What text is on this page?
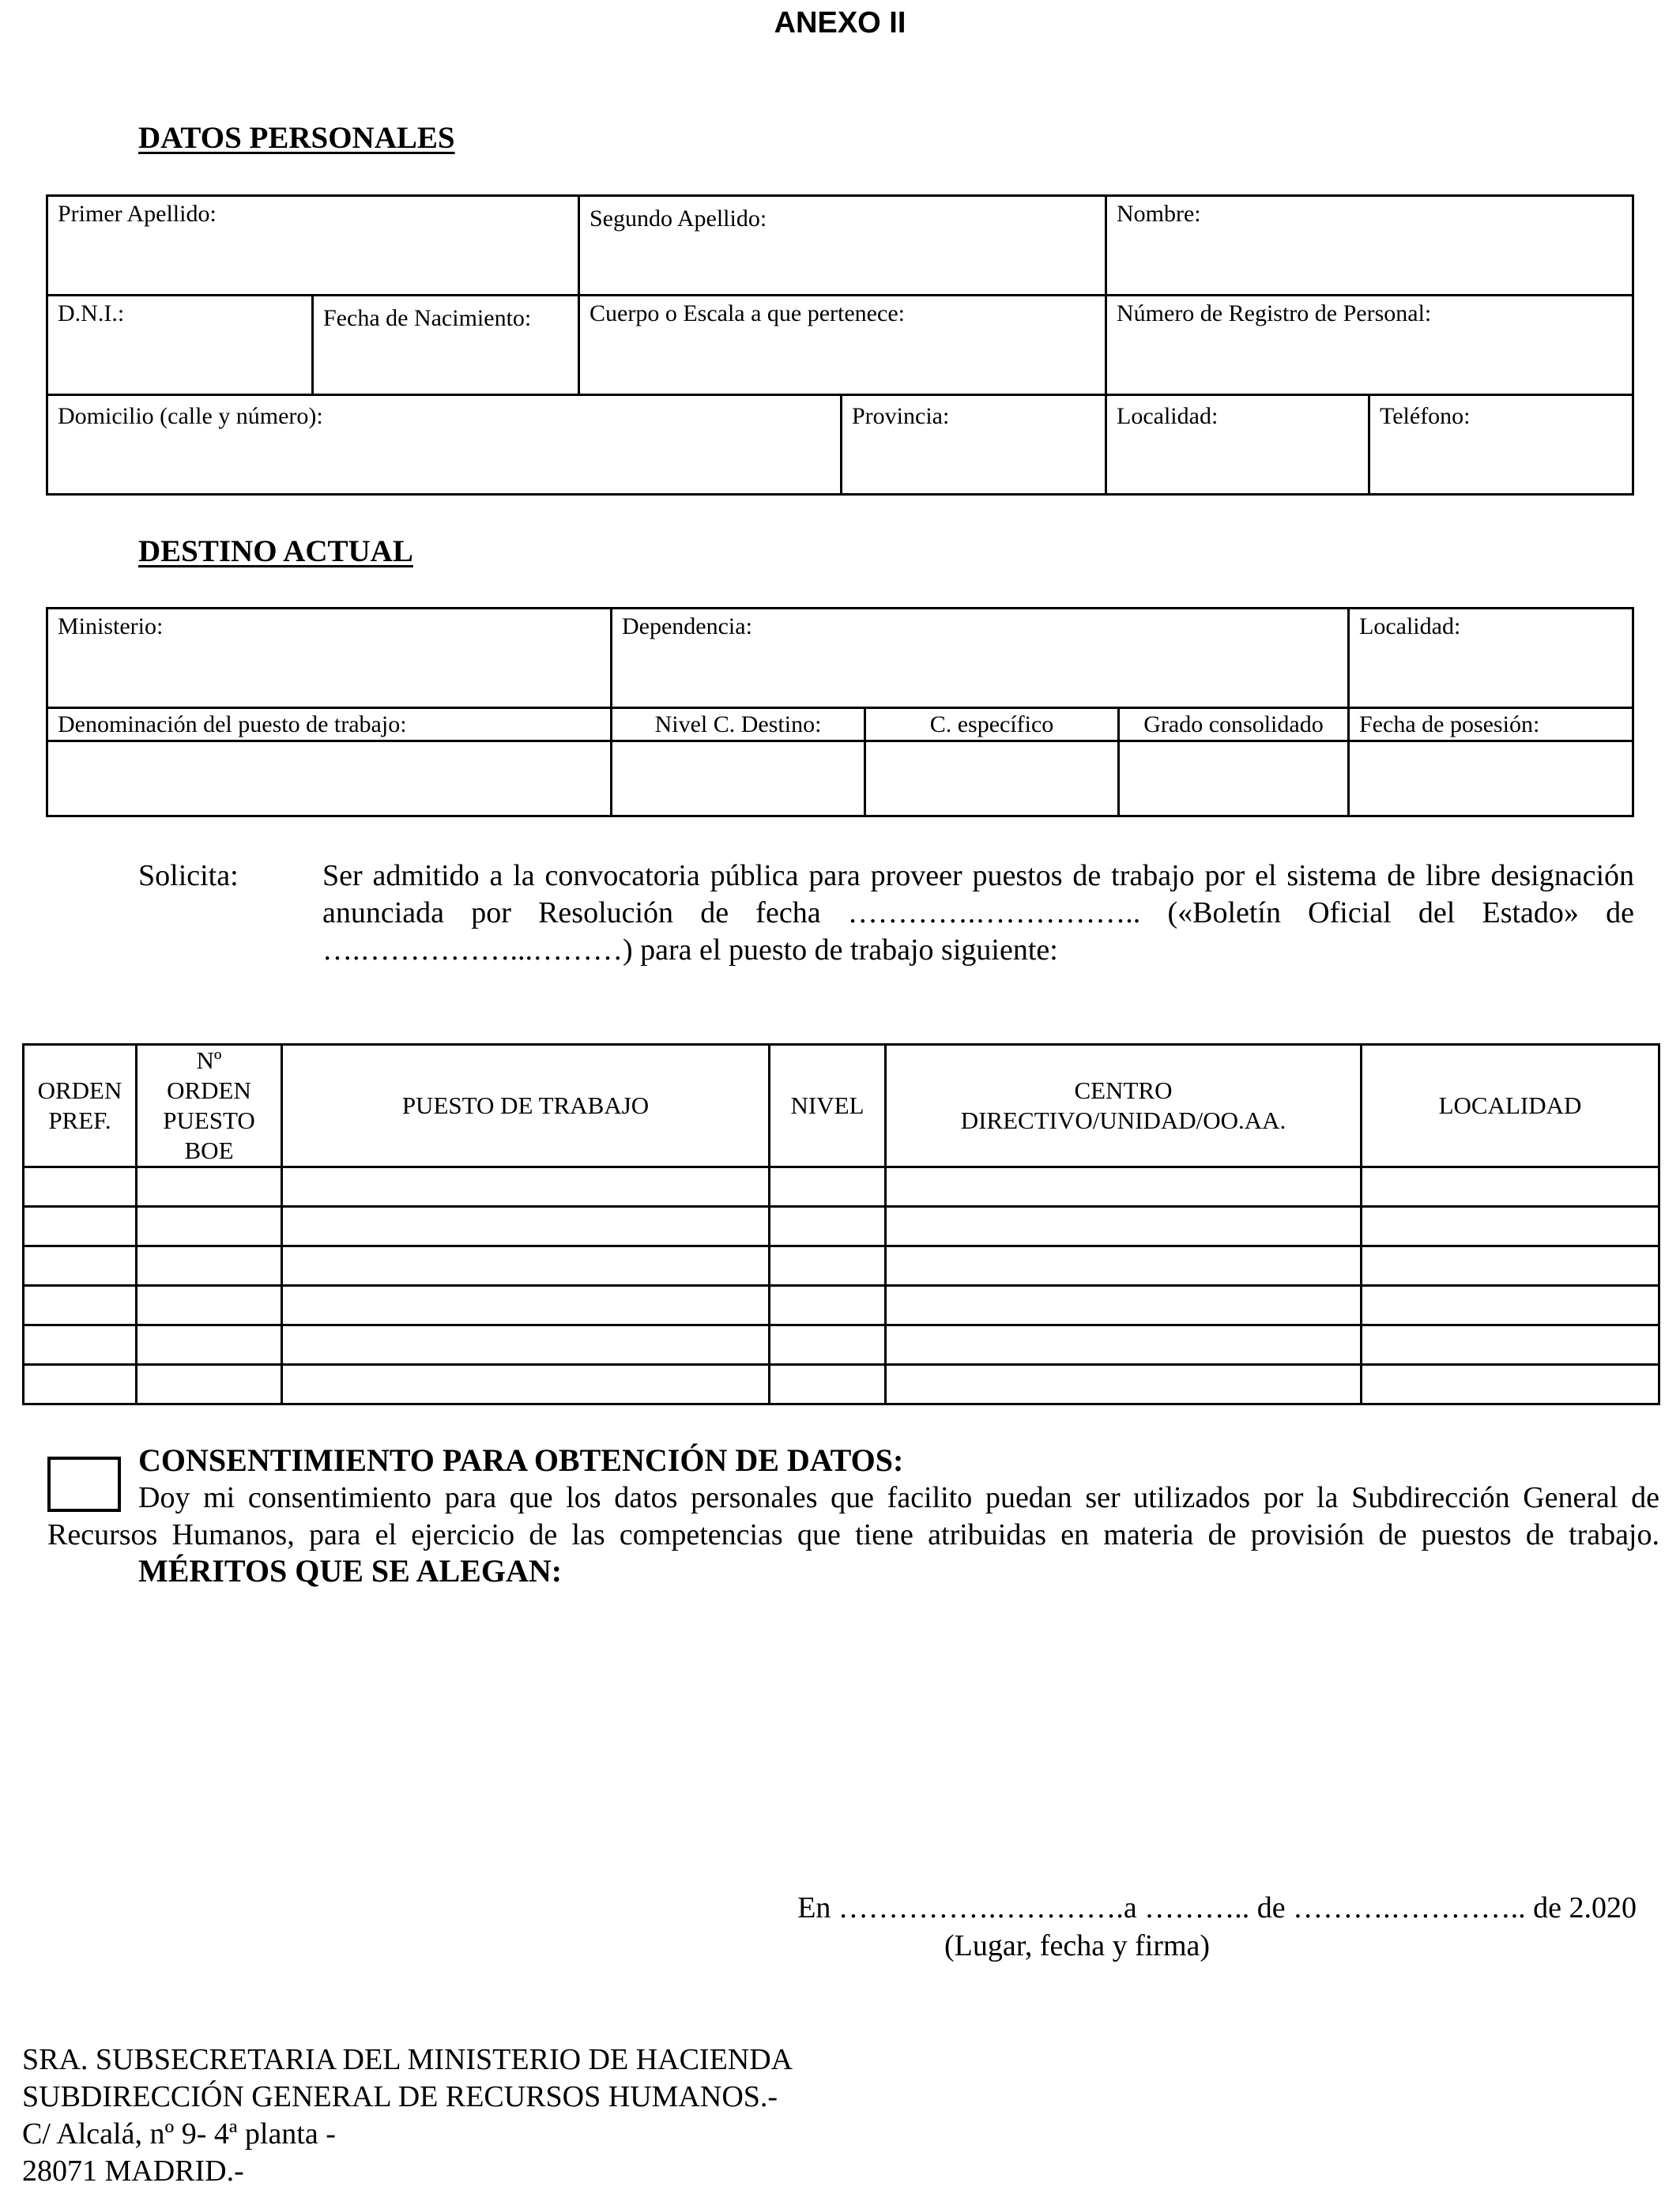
ANEXO II
DATOS PERSONALES
Primer Apellido:	Segundo Apellido:	Nombre:
D.N.I.:	Fecha de Nacimiento:	Cuerpo o Escala a que pertenece:	Número de Registro de Personal:
Domicilio (calle y número):	Provincia:	Localidad:	Teléfono:
DESTINO ACTUAL
Ministerio:	Dependencia:	Localidad:
Denominación del puesto de trabajo:	Nivel C. Destino:	C. específico	Grado consolidado	Fecha de posesión:
Solicita:	Ser admitido a la convocatoria pública para proveer puestos de trabajo por el sistema de libre designación anunciada por Resolución de fecha ………….…………….. («Boletín Oficial del Estado» de ….……………...………) para el puesto de trabajo siguiente:
ORDEN PREF.	Nº ORDEN PUESTO BOE	PUESTO DE TRABAJO	NIVEL	CENTRO DIRECTIVO/UNIDAD/OO.AA.	LOCALIDAD

CONSENTIMIENTO PARA OBTENCIÓN DE DATOS:
Doy mi consentimiento para que los datos personales que facilito puedan ser utilizados por la Subdirección General de Recursos Humanos, para el ejercicio de las competencias que tiene atribuidas en materia de provisión de puestos de trabajo.
MÉRITOS QUE SE ALEGAN:
En …………….………….a ……….. de ……….………….. de 2.020
(Lugar, fecha y firma)
SRA. SUBSECRETARIA DEL MINISTERIO DE HACIENDA
SUBDIRECCIÓN GENERAL DE RECURSOS HUMANOS.-
C/ Alcalá, nº 9- 4ª planta -
28071 MADRID.-
